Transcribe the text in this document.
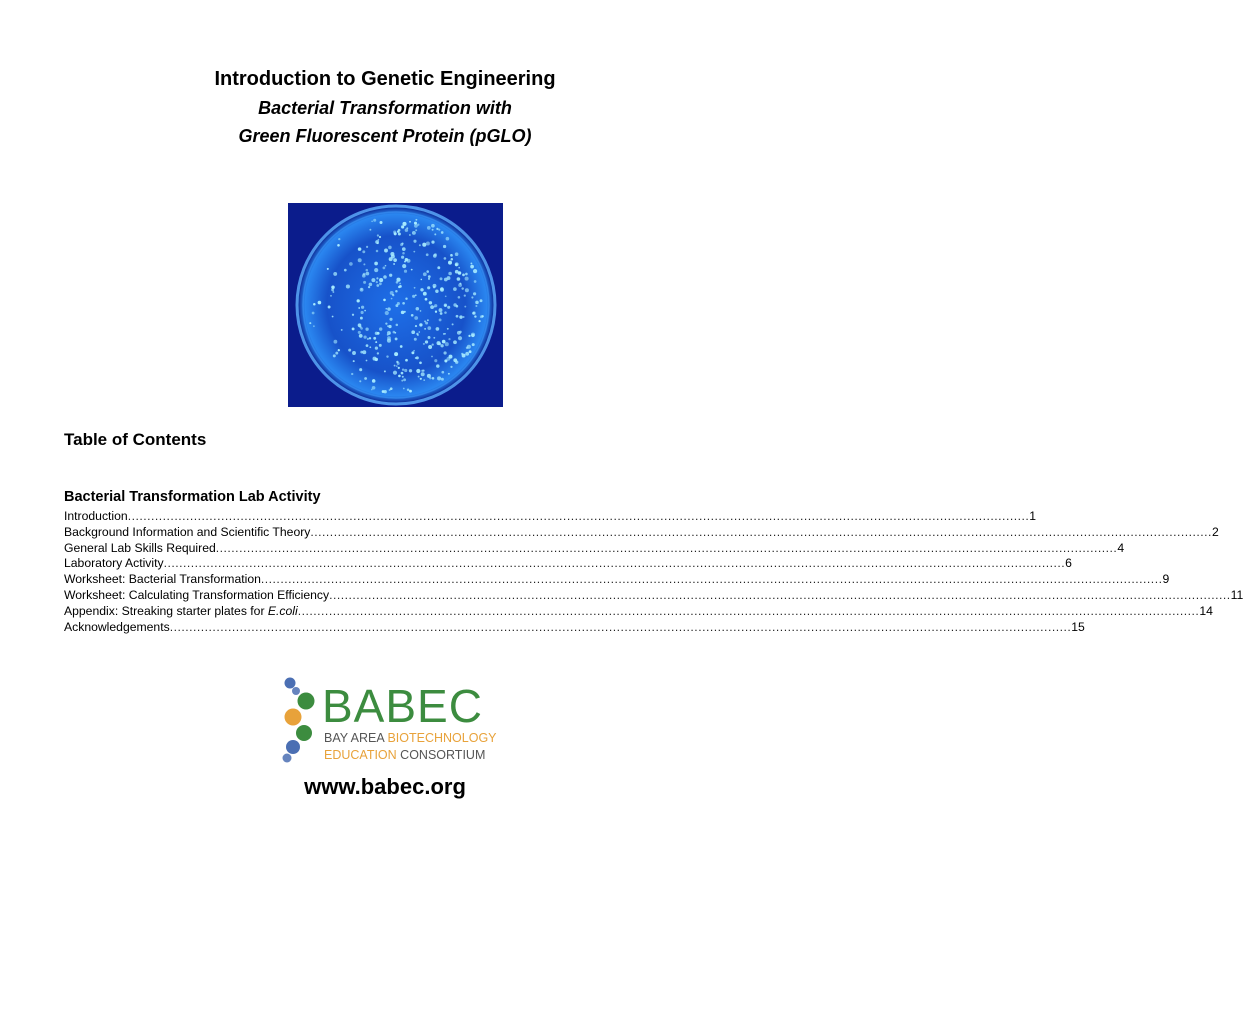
Introduction to Genetic Engineering
Bacterial Transformation with
Green Fluorescent Protein (pGLO)
Table of Contents
Bacterial Transformation Lab Activity
Introduction .....	1
Background Information and Scientific Theory .....	2
General Lab Skills Required .....	4
Laboratory Activity .....	6
Worksheet: Bacterial Transformation .....	9
Worksheet: Calculating Transformation Efficiency .....	11
Appendix: Streaking starter plates for E.coli .....	14
Acknowledgements .....	15
BABEC
BAY AREA BIOTECHNOLOGY
EDUCATION CONSORTIUM

www.babec.org
